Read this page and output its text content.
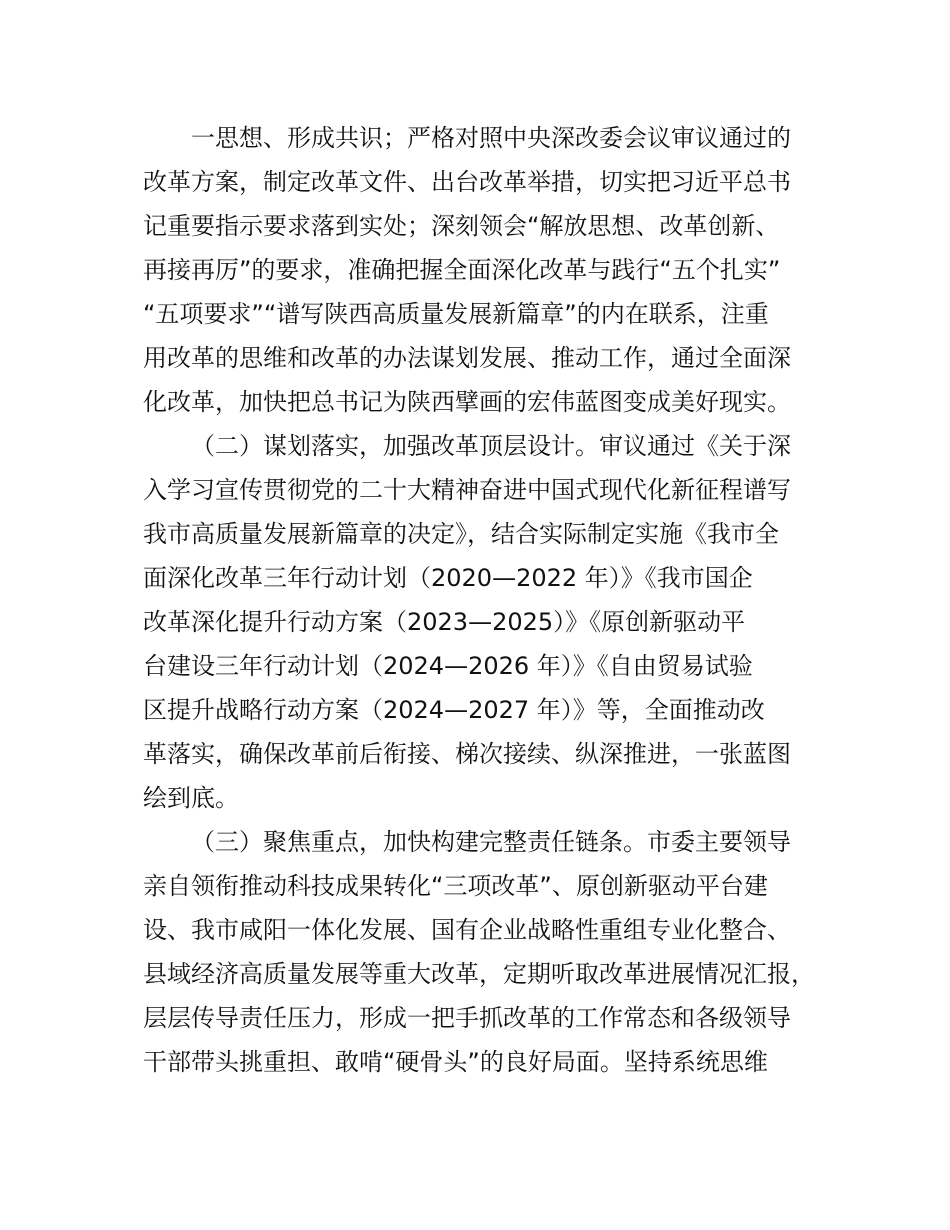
一思想、形成共识；严格对照中央深改委会议审议通过的
改革方案，制定改革文件、出台改革举措，切实把习近平总书
记重要指示要求落到实处；深刻领会“解放思想、改革创新、
再接再厉”的要求，准确把握全面深化改革与践行“五个扎实”
“五项要求”“谱写陕西高质量发展新篇章”的内在联系，注重
用改革的思维和改革的办法谋划发展、推动工作，通过全面深
化改革，加快把总书记为陕西擘画的宏伟蓝图变成美好现实。
（二）谋划落实，加强改革顶层设计。审议通过《关于深
入学习宣传贯彻党的二十大精神奋进中国式现代化新征程谱写
我市高质量发展新篇章的决定》，结合实际制定实施《我市全
面深化改革三年行动计划（2020—2022 年）》《我市国企
改革深化提升行动方案（2023—2025）》《原创新驱动平
台建设三年行动计划（2024—2026 年）》《自由贸易试验
区提升战略行动方案（2024—2027 年）》等，全面推动改
革落实，确保改革前后衔接、梯次接续、纵深推进，一张蓝图
绘到底。
（三）聚焦重点，加快构建完整责任链条。市委主要领导
亲自领衔推动科技成果转化“三项改革”、原创新驱动平台建
设、我市咸阳一体化发展、国有企业战略性重组专业化整合、
县域经济高质量发展等重大改革，定期听取改革进展情况汇报，
层层传导责任压力，形成一把手抓改革的工作常态和各级领导
干部带头挑重担、敢啃“硬骨头”的良好局面。坚持系统思维
